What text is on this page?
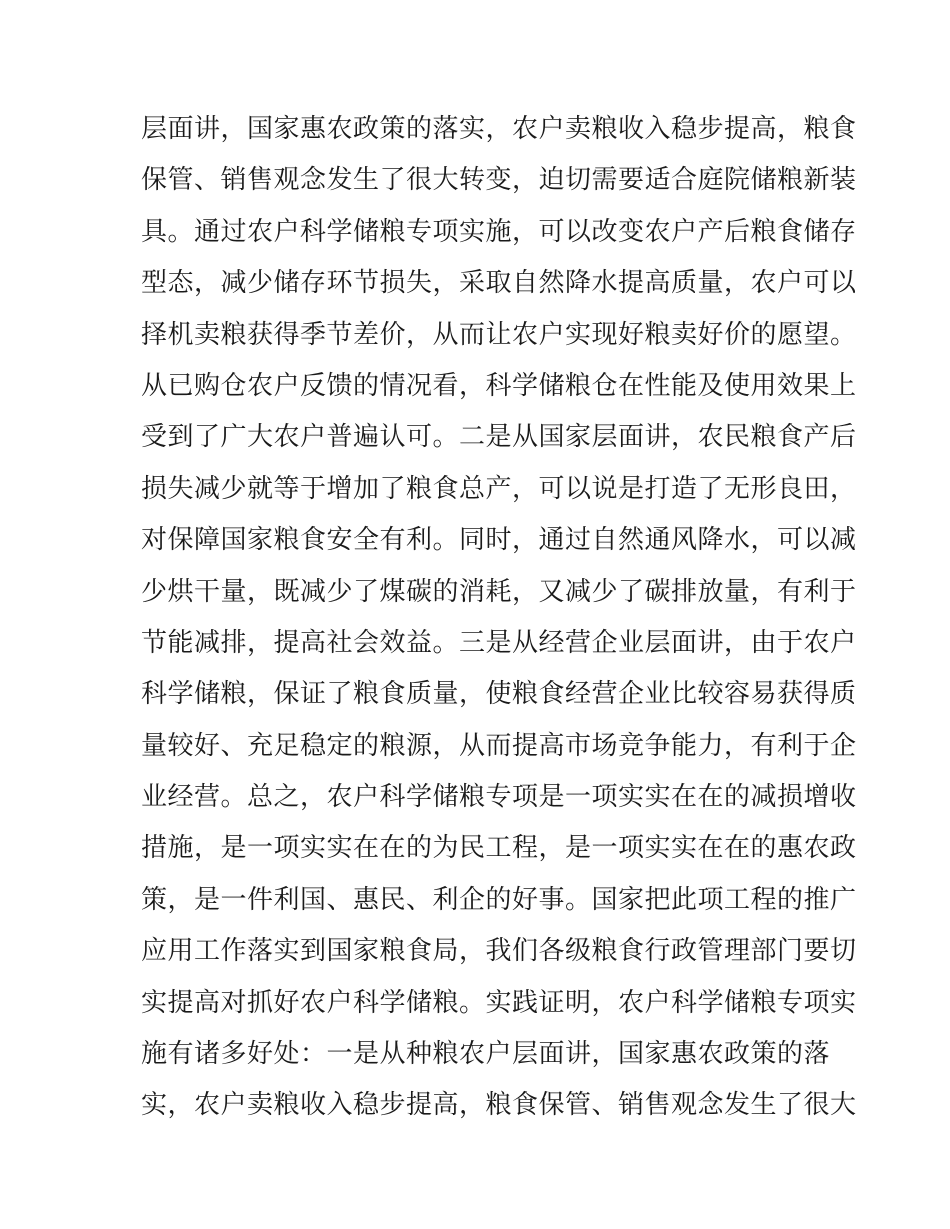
层面讲，国家惠农政策的落实，农户卖粮收入稳步提高，粮食
保管、销售观念发生了很大转变，迫切需要适合庭院储粮新装
具。通过农户科学储粮专项实施，可以改变农户产后粮食储存
型态，减少储存环节损失，采取自然降水提高质量，农户可以
择机卖粮获得季节差价，从而让农户实现好粮卖好价的愿望。
从已购仓农户反馈的情况看，科学储粮仓在性能及使用效果上
受到了广大农户普遍认可。二是从国家层面讲，农民粮食产后
损失减少就等于增加了粮食总产，可以说是打造了无形良田，
对保障国家粮食安全有利。同时，通过自然通风降水，可以减
少烘干量，既减少了煤碳的消耗，又减少了碳排放量，有利于
节能减排，提高社会效益。三是从经营企业层面讲，由于农户
科学储粮，保证了粮食质量，使粮食经营企业比较容易获得质
量较好、充足稳定的粮源，从而提高市场竞争能力，有利于企
业经营。总之，农户科学储粮专项是一项实实在在的减损增收
措施，是一项实实在在的为民工程，是一项实实在在的惠农政
策，是一件利国、惠民、利企的好事。国家把此项工程的推广
应用工作落实到国家粮食局，我们各级粮食行政管理部门要切
实提高对抓好农户科学储粮。实践证明，农户科学储粮专项实
施有诸多好处：一是从种粮农户层面讲，国家惠农政策的落
实，农户卖粮收入稳步提高，粮食保管、销售观念发生了很大
